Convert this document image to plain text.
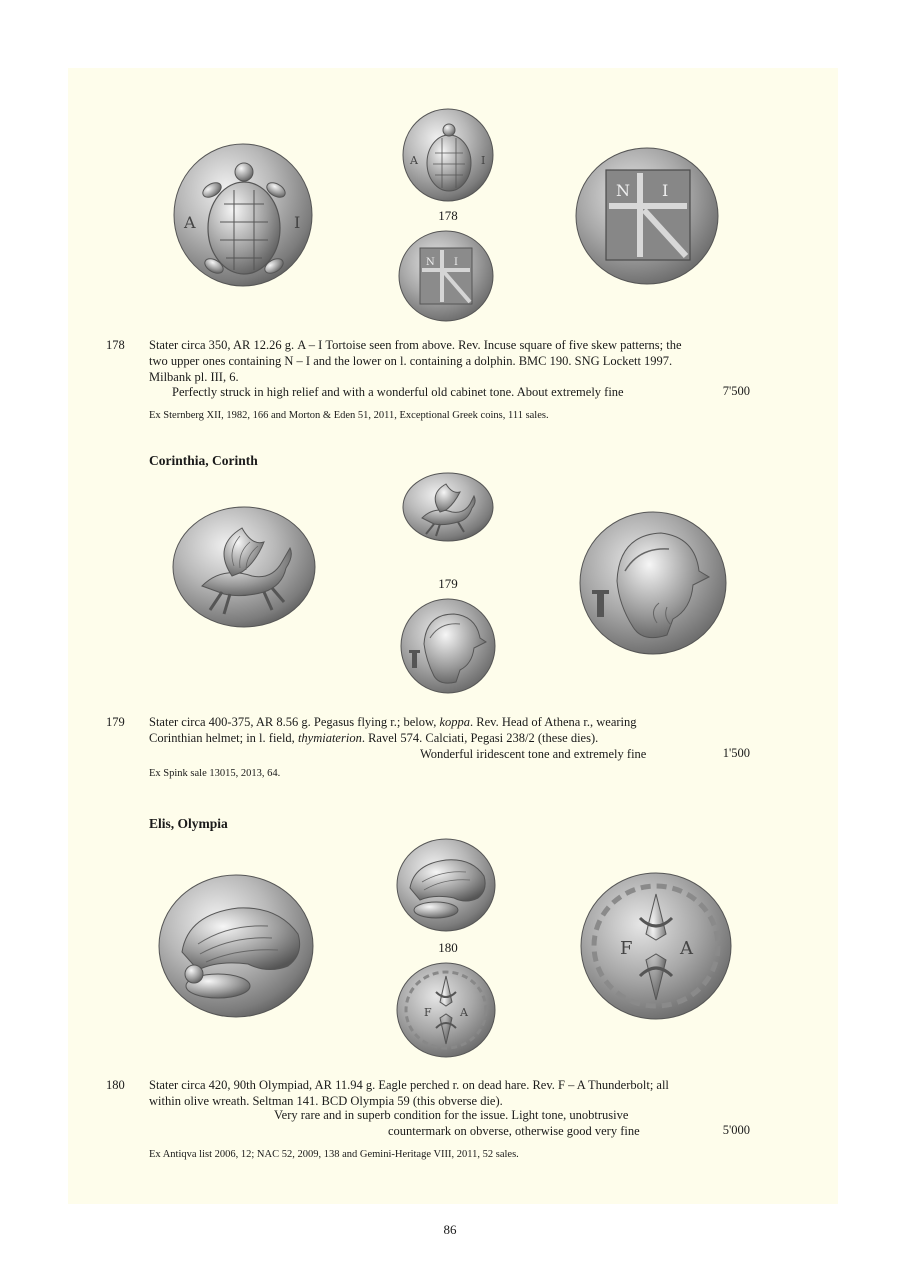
Α	Ι
Α	Ι
178
Ν Ι
Ν Ι
178 Stater circa 350, AR 12.26 g. Α – Ι Tortoise seen from above. Rev. Incuse square of five skew patterns; the
two upper ones containing Ν – Ι and the lower on l. containing a dolphin. BMC 190. SNG Lockett 1997.
Milbank pl. III, 6.
Perfectly struck in high relief and with a wonderful old cabinet tone. About extremely fine	7'500
Ex Sternberg XII, 1982, 166 and Morton & Eden 51, 2011, Exceptional Greek coins, 111 sales.
Corinthia, Corinth
179
179 Stater circa 400-375, AR 8.56 g. Pegasus flying r.; below, koppa. Rev. Head of Athena r., wearing
Corinthian helmet; in l. field, thymiaterion. Ravel 574. Calciati, Pegasi 238/2 (these dies).
Wonderful iridescent tone and extremely fine	1'500
Ex Spink sale 13015, 2013, 64.
Elis, Olympia
180
F	Α
F	Α
180 Stater circa 420, 90th Olympiad, AR 11.94 g. Eagle perched r. on dead hare. Rev. F – A Thunderbolt; all
within olive wreath. Seltman 141. BCD Olympia 59 (this obverse die).
Very rare and in superb condition for the issue. Light tone, unobtrusive
countermark on obverse, otherwise good very fine	5'000
Ex Antiqva list 2006, 12; NAC 52, 2009, 138 and Gemini-Heritage VIII, 2011, 52 sales.
86
